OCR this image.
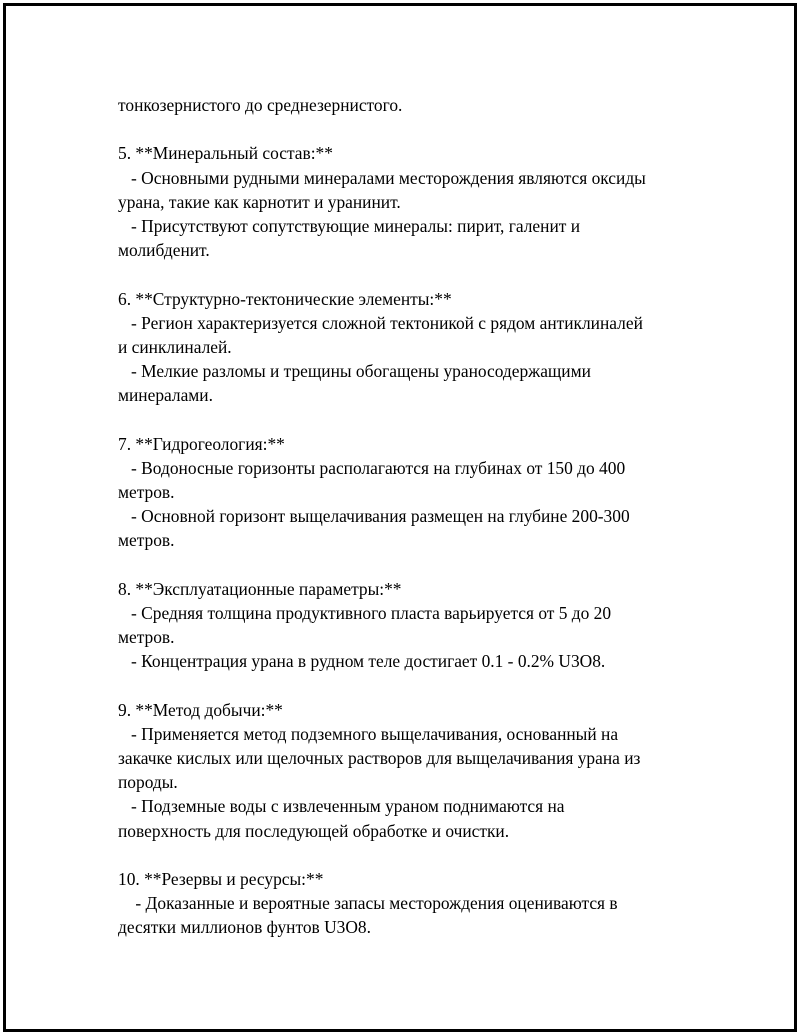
тонкозернистого до среднезернистого.
5. **Минеральный состав:**
- Основными рудными минералами месторождения являются оксиды
урана, такие как карнотит и уранинит.
- Присутствуют сопутствующие минералы: пирит, галенит и
молибденит.
6. **Структурно-тектонические элементы:**
- Регион характеризуется сложной тектоникой с рядом антиклиналей
и синклиналей.
- Мелкие разломы и трещины обогащены ураносодержащими
минералами.
7. **Гидрогеология:**
- Водоносные горизонты располагаются на глубинах от 150 до 400
метров.
- Основной горизонт выщелачивания размещен на глубине 200-300
метров.
8. **Эксплуатационные параметры:**
- Средняя толщина продуктивного пласта варьируется от 5 до 20
метров.
- Концентрация урана в рудном теле достигает 0.1 - 0.2% U3O8.
9. **Метод добычи:**
- Применяется метод подземного выщелачивания, основанный на
закачке кислых или щелочных растворов для выщелачивания урана из
породы.
- Подземные воды с извлеченным ураном поднимаются на
поверхность для последующей обработке и очистки.
10. **Резервы и ресурсы:**
- Доказанные и вероятные запасы месторождения оцениваются в
десятки миллионов фунтов U3O8.
